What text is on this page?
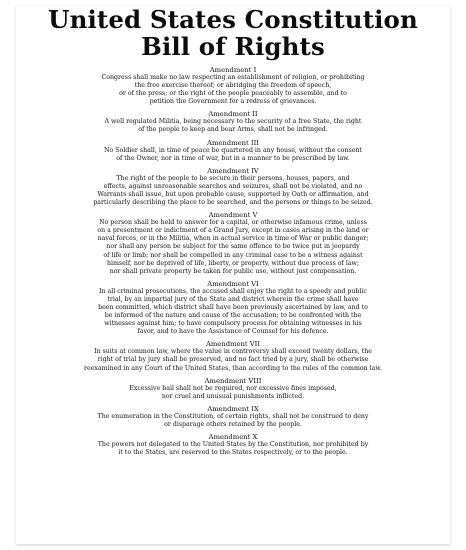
United States Constitution
Bill of Rights
Amendment I
Congress shall make no law respecting an establishment of religion, or prohibiting
the free exercise thereof; or abridging the freedom of speech,
or of the press; or the right of the people peaceably to assemble, and to
petition the Government for a redress of grievances.
Amendment II
A well regulated Militia, being necessary to the security of a free State, the right
of the people to keep and bear Arms, shall not be infringed.
Amendment III
No Soldier shall, in time of peace be quartered in any house, without the consent
of the Owner, nor in time of war, but in a manner to be prescribed by law.
Amendment IV
The right of the people to be secure in their persons, houses, papers, and
effects, against unreasonable searches and seizures, shall not be violated, and no
Warrants shall issue, but upon probable cause, supported by Oath or affirmation, and
particularly describing the place to be searched, and the persons or things to be seized.
Amendment V
No person shall be held to answer for a capital, or otherwise infamous crime, unless
on a presentment or indictment of a Grand Jury, except in cases arising in the land or
naval forces, or in the Militia, when in actual service in time of War or public danger;
nor shall any person be subject for the same offence to be twice put in jeopardy
of life or limb; nor shall be compelled in any criminal case to be a witness against
himself, nor be deprived of life, liberty, or property, without due process of law;
nor shall private property be taken for public use, without just compensation.
Amendment VI
In all criminal prosecutions, the accused shall enjoy the right to a speedy and public
trial, by an impartial jury of the State and district wherein the crime shall have
been committed, which district shall have been previously ascertained by law, and to
be informed of the nature and cause of the accusation; to be confronted with the
witnesses against him; to have compulsory process for obtaining witnesses in his
favor, and to have the Assistance of Counsel for his defence.
Amendment VII
In suits at common law, where the value in controversy shall exceed twenty dollars, the
right of trial by jury shall be preserved, and no fact tried by a jury, shall be otherwise
reexamined in any Court of the United States, than according to the rules of the common law.
Amendment VIII
Excessive bail shall not be required, nor excessive fines imposed,
nor cruel and unusual punishments inflicted.
Amendment IX
The enumeration in the Constitution, of certain rights, shall not be construed to deny
or disparage others retained by the people.
Amendment X
The powers not delegated to the United States by the Constitution, nor prohibited by
it to the States, are reserved to the States respectively, or to the people.
